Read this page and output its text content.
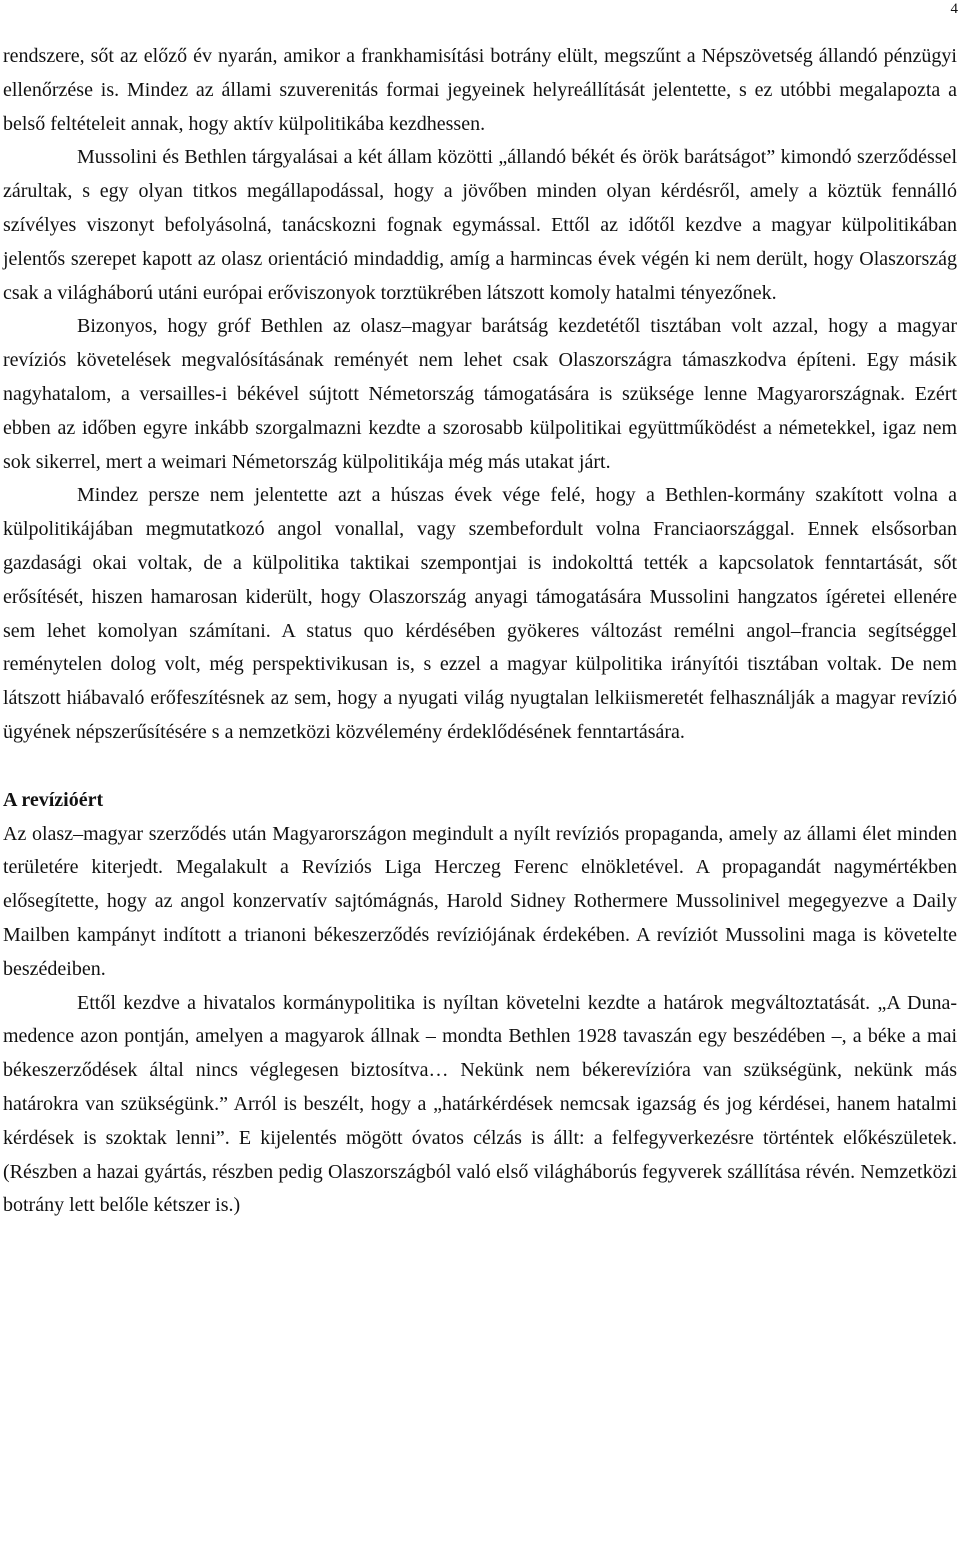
4

rendszere, sőt az előző év nyarán, amikor a frankhamisítási botrány elült, megszűnt a Népszövetség állandó pénzügyi ellenőrzése is. Mindez az állami szuverenitás formai jegyeinek helyreállítását jelentette, s ez utóbbi megalapozta a belső feltételeit annak, hogy aktív külpolitikába kezdhessen.

Mussolini és Bethlen tárgyalásai a két állam közötti „állandó békét és örök barátságot” kimondó szerződéssel zárultak, s egy olyan titkos megállapodással, hogy a jövőben minden olyan kérdésről, amely a köztük fennálló szívélyes viszonyt befolyásolná, tanácskozni fognak egymással. Ettől az időtől kezdve a magyar külpolitikában jelentős szerepet kapott az olasz orientáció mindaddig, amíg a harmincas évek végén ki nem derült, hogy Olaszország csak a világháború utáni európai erőviszonyok torztükrében látszott komoly hatalmi tényezőnek.

Bizonyos, hogy gróf Bethlen az olasz–magyar barátság kezdetétől tisztában volt azzal, hogy a magyar revíziós követelések megvalósításának reményét nem lehet csak Olaszországra támaszkodva építeni. Egy másik nagyhatalom, a versailles-i békével sújtott Németország támogatására is szüksége lenne Magyarországnak. Ezért ebben az időben egyre inkább szorgalmazni kezdte a szorosabb külpolitikai együttműködést a németekkel, igaz nem sok sikerrel, mert a weimari Németország külpolitikája még más utakat járt.

Mindez persze nem jelentette azt a húszas évek vége felé, hogy a Bethlen-kormány szakított volna a külpolitikájában megmutatkozó angol vonallal, vagy szembefordult volna Franciaországgal. Ennek elsősorban gazdasági okai voltak, de a külpolitika taktikai szempontjai is indokolttá tették a kapcsolatok fenntartását, sőt erősítését, hiszen hamarosan kiderült, hogy Olaszország anyagi támogatására Mussolini hangzatos ígéretei ellenére sem lehet komolyan számítani. A status quo kérdésében gyökeres változást remélni angol–francia segítséggel reménytelen dolog volt, még perspektivikusan is, s ezzel a magyar külpolitika irányítói tisztában voltak. De nem látszott hiábavaló erőfeszítésnek az sem, hogy a nyugati világ nyugtalan lelkiismeretét felhasználják a magyar revízió ügyének népszerűsítésére s a nemzetközi közvélemény érdeklődésének fenntartására.

A revízióért

Az olasz–magyar szerződés után Magyarországon megindult a nyílt revíziós propaganda, amely az állami élet minden területére kiterjedt. Megalakult a Revíziós Liga Herczeg Ferenc elnökletével. A propagandát nagymértékben elősegítette, hogy az angol konzervatív sajtómágnás, Harold Sidney Rothermere Mussolinivel megegyezve a Daily Mailben kampányt indított a trianoni békeszerződés revíziójának érdekében. A revíziót Mussolini maga is követelte beszédeiben.

Ettől kezdve a hivatalos kormánypolitika is nyíltan követelni kezdte a határok megváltoztatását. „A Duna-medence azon pontján, amelyen a magyarok állnak – mondta Bethlen 1928 tavaszán egy beszédében –, a béke a mai békeszerződések által nincs véglegesen biztosítva… Nekünk nem békerevízióra van szükségünk, nekünk más határokra van szükségünk.” Arról is beszélt, hogy a „határkérdések nemcsak igazság és jog kérdései, hanem hatalmi kérdések is szoktak lenni”. E kijelentés mögött óvatos célzás is állt: a felfegyverkezésre történtek előkészületek. (Részben a hazai gyártás, részben pedig Olaszországból való első világháborús fegyverek szállítása révén. Nemzetközi botrány lett belőle kétszer is.)
